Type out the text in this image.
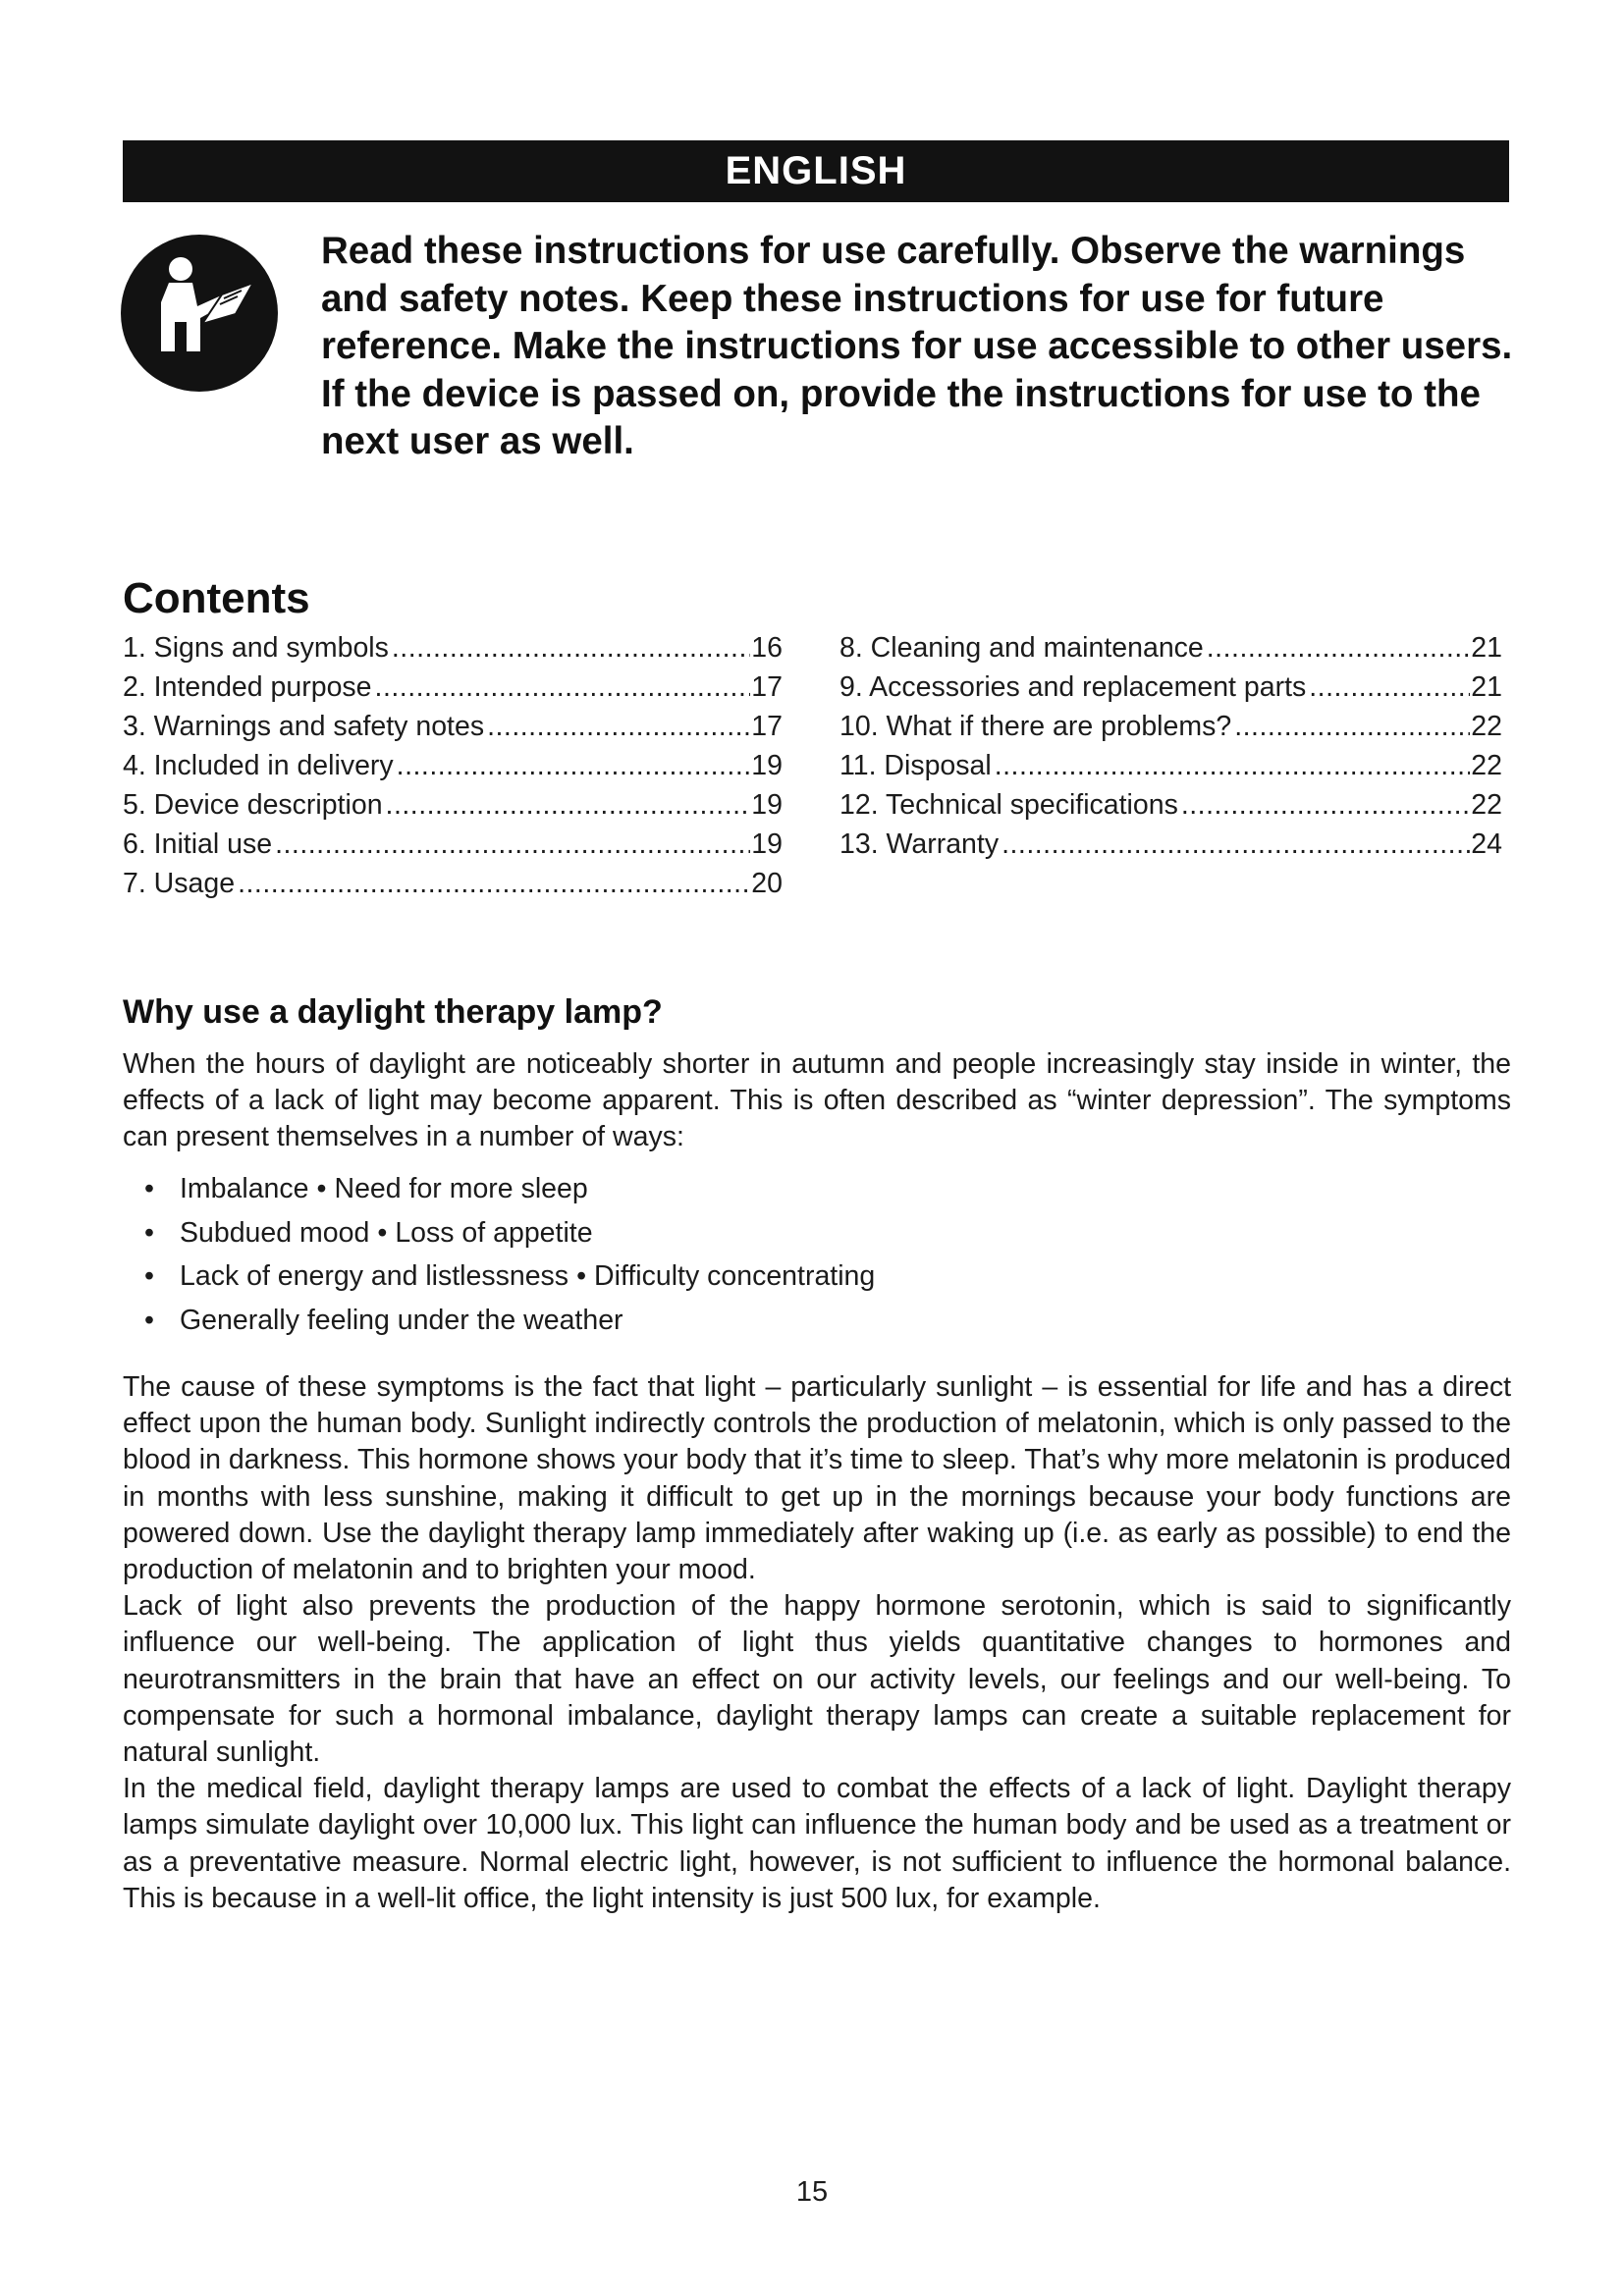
ENGLISH

Read these instructions for use carefully. Observe the warnings and safety notes. Keep these instructions for use for future reference. Make the instructions for use accessible to other users. If the device is passed on, provide the instructions for use to the next user as well.

Contents
1. Signs and symbols .....	16
2. Intended purpose .....	17
3. Warnings and safety notes .....	17
4. Included in delivery .....	19
5. Device description .....	19
6. Initial use .....	19
7. Usage .....	20
8. Cleaning and maintenance .....	21
9. Accessories and replacement parts .....	21
10. What if there are problems? .....	22
11. Disposal .....	22
12. Technical specifications .....	22
13. Warranty .....	24
Why use a daylight therapy lamp?

When the hours of daylight are noticeably shorter in autumn and people increasingly stay inside in winter, the effects of a lack of light may become apparent. This is often described as “winter depression”. The symptoms can present themselves in a number of ways:

• Imbalance • Need for more sleep
• Subdued mood • Loss of appetite
• Lack of energy and listlessness • Difficulty concentrating
• Generally feeling under the weather

The cause of these symptoms is the fact that light – particularly sunlight – is essential for life and has a direct effect upon the human body. Sunlight indirectly controls the production of melatonin, which is only passed to the blood in darkness. This hormone shows your body that it’s time to sleep. That’s why more melatonin is produced in months with less sunshine, making it difficult to get up in the mornings because your body functions are powered down. Use the daylight therapy lamp immediately after waking up (i.e. as early as possible) to end the production of melatonin and to brighten your mood.

Lack of light also prevents the production of the happy hormone serotonin, which is said to significantly influence our well-being. The application of light thus yields quantitative changes to hormones and neurotransmitters in the brain that have an effect on our activity levels, our feelings and our well-being. To compensate for such a hormonal imbalance, daylight therapy lamps can create a suitable replacement for natural sunlight.

In the medical field, daylight therapy lamps are used to combat the effects of a lack of light. Daylight therapy lamps simulate daylight over 10,000 lux. This light can influence the human body and be used as a treatment or as a preventative measure. Normal electric light, however, is not sufficient to influence the hormonal balance. This is because in a well-lit office, the light intensity is just 500 lux, for example.

15
